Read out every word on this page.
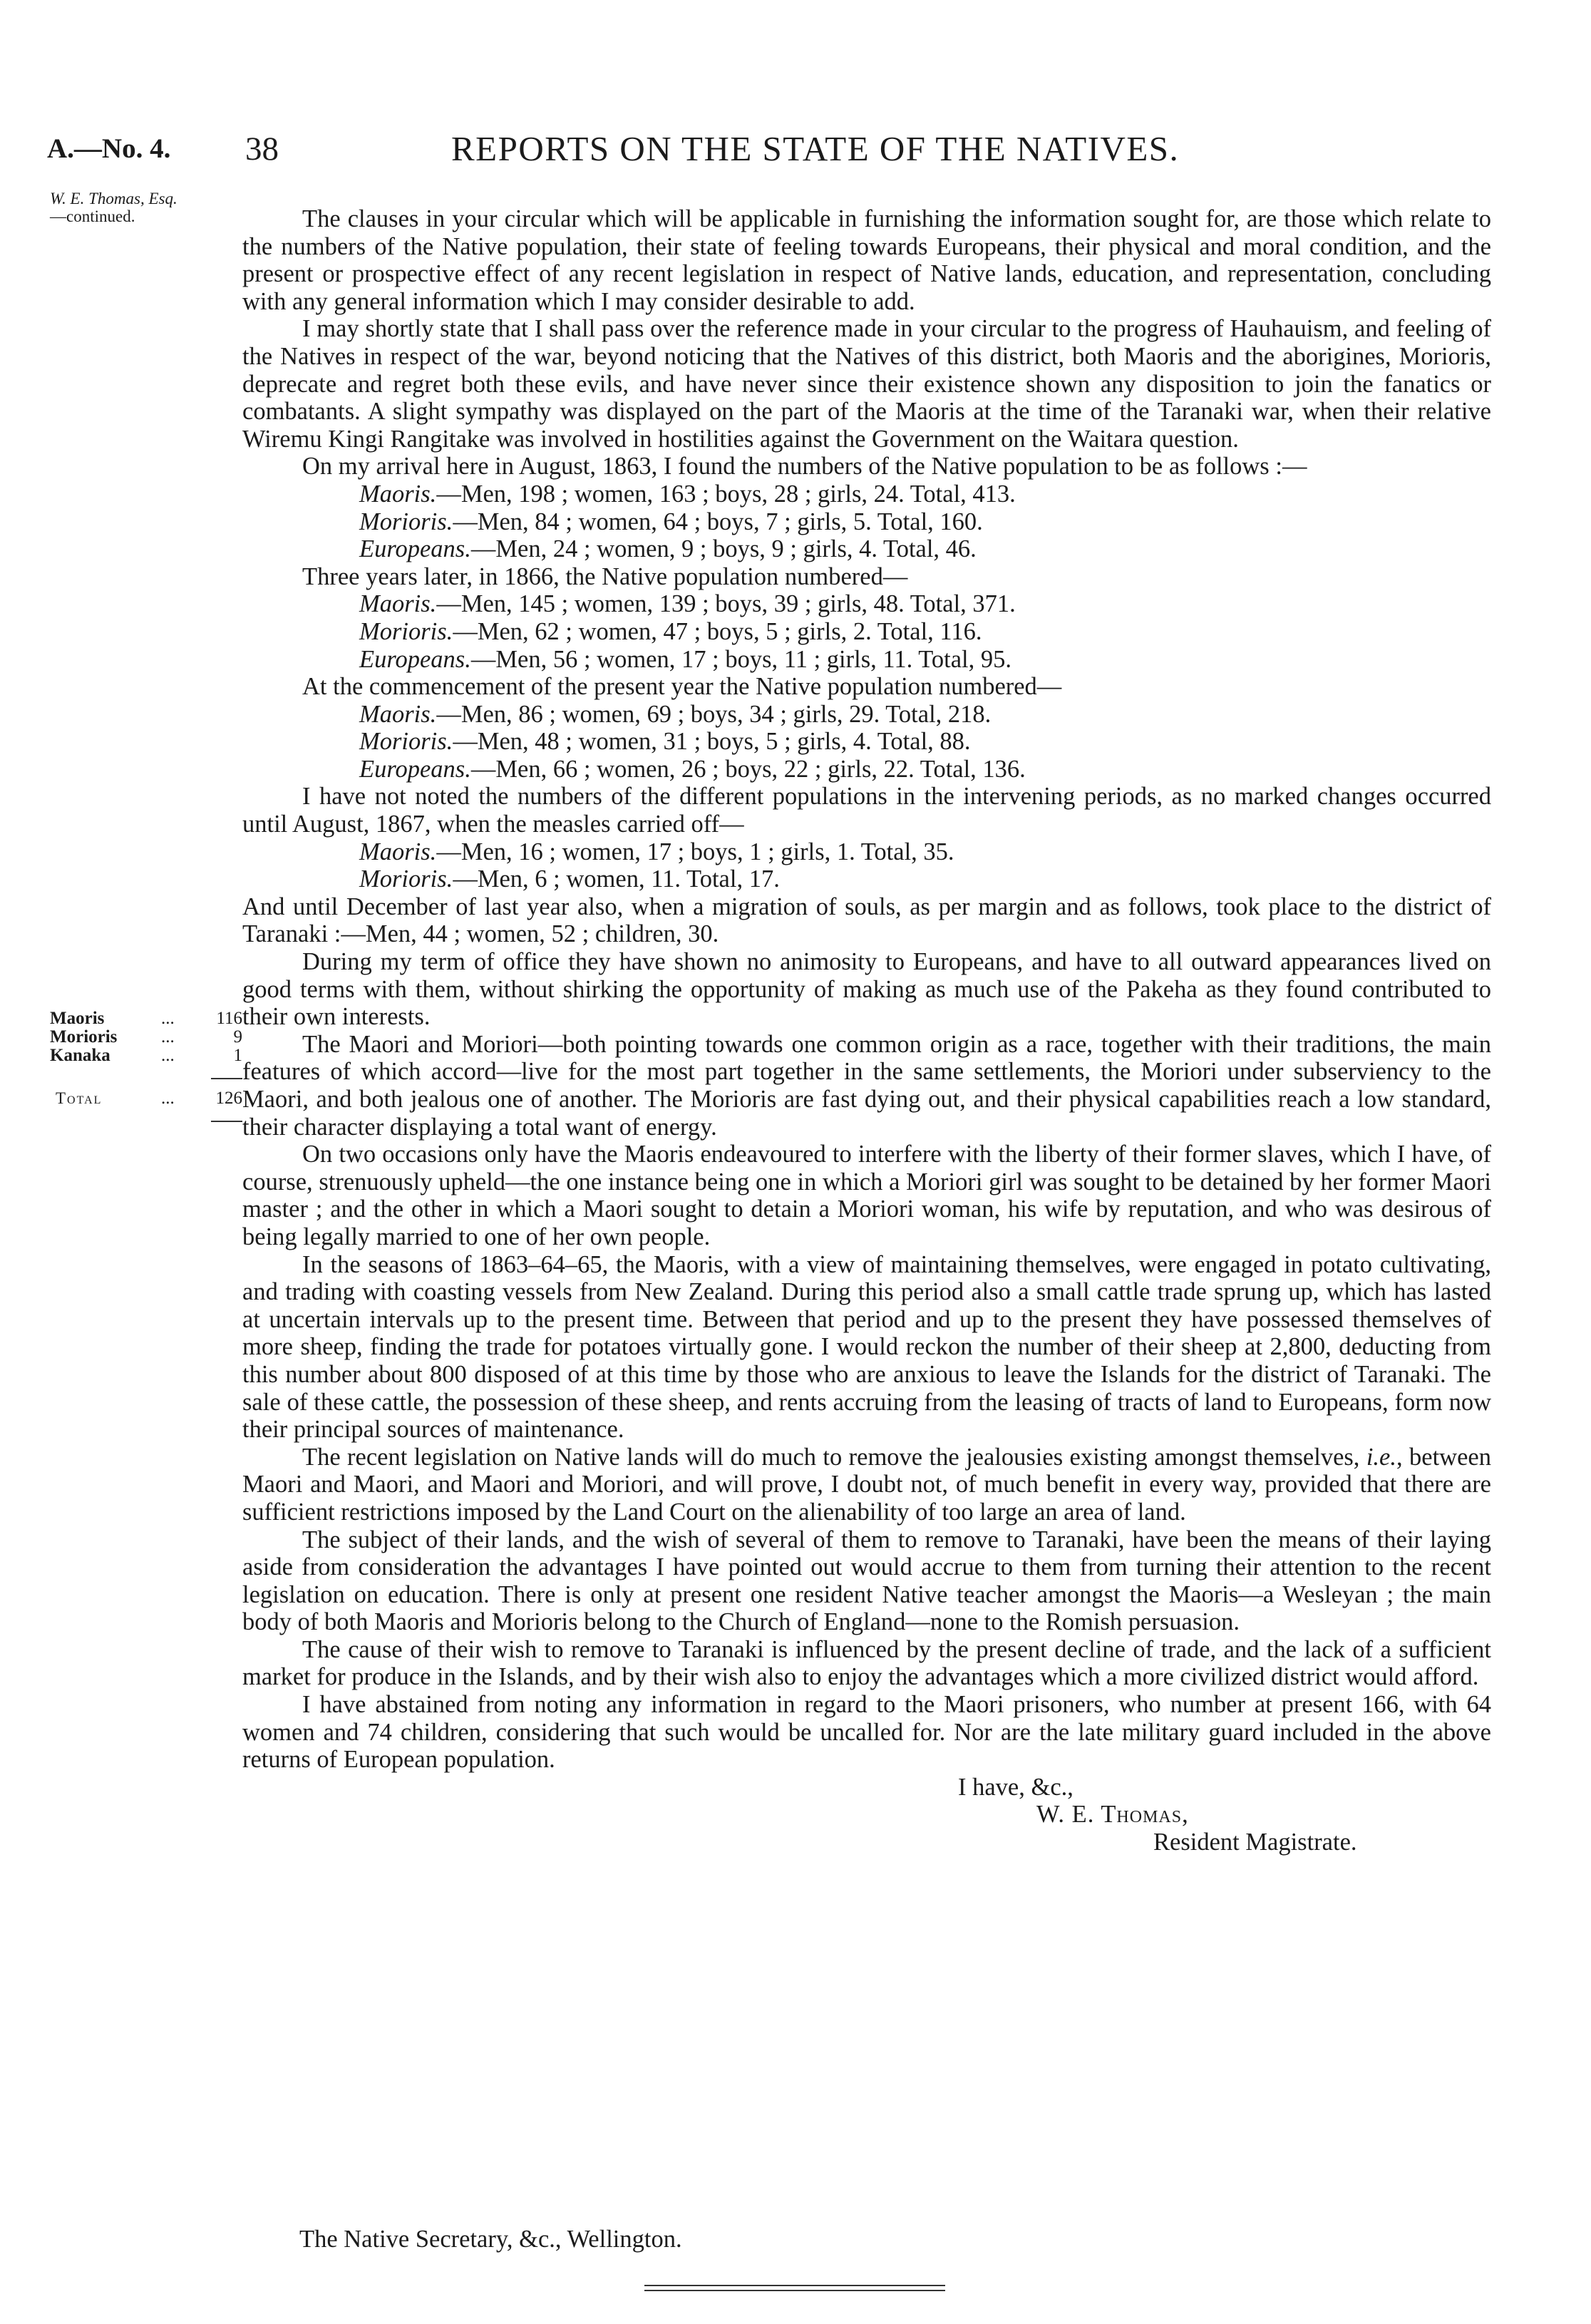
A.—No. 4. 38	REPORTS ON THE STATE OF THE NATIVES.
W. E. Thomas, Esq.
—continued.
Maoris	... 116
Morioris ...	9
Kanaka	...	1
Total	... 126

The clauses in your circular which will be applicable in furnishing the information sought for, are those which relate to the numbers of the Native population, their state of feeling towards Europeans, their physical and moral condition, and the present or prospective effect of any recent legislation in respect of Native lands, education, and representation, concluding with any general information which I may consider desirable to add.

I may shortly state that I shall pass over the reference made in your circular to the progress of Hauhauism, and feeling of the Natives in respect of the war, beyond noticing that the Natives of this district, both Maoris and the aborigines, Morioris, deprecate and regret both these evils, and have never since their existence shown any disposition to join the fanatics or combatants. A slight sympathy was displayed on the part of the Maoris at the time of the Taranaki war, when their relative Wiremu Kingi Rangitake was involved in hostilities against the Government on the Waitara question.

On my arrival here in August, 1863, I found the numbers of the Native population to be as follows :—

Maoris.—Men, 198 ; women, 163 ; boys, 28 ; girls, 24. Total, 413.
Morioris.—Men, 84 ; women, 64 ; boys, 7 ; girls, 5. Total, 160.
Europeans.—Men, 24 ; women, 9 ; boys, 9 ; girls, 4. Total, 46.

Three years later, in 1866, the Native population numbered—

Maoris.—Men, 145 ; women, 139 ; boys, 39 ; girls, 48. Total, 371.
Morioris.—Men, 62 ; women, 47 ; boys, 5 ; girls, 2. Total, 116.
Europeans.—Men, 56 ; women, 17 ; boys, 11 ; girls, 11. Total, 95.

At the commencement of the present year the Native population numbered—

Maoris.—Men, 86 ; women, 69 ; boys, 34 ; girls, 29. Total, 218.
Morioris.—Men, 48 ; women, 31 ; boys, 5 ; girls, 4. Total, 88.
Europeans.—Men, 66 ; women, 26 ; boys, 22 ; girls, 22. Total, 136.

I have not noted the numbers of the different populations in the intervening periods, as no marked changes occurred until August, 1867, when the measles carried off—

Maoris.—Men, 16 ; women, 17 ; boys, 1 ; girls, 1. Total, 35.
Morioris.—Men, 6 ; women, 11. Total, 17.

And until December of last year also, when a migration of souls, as per margin and as follows, took place to the district of Taranaki :—Men, 44 ; women, 52 ; children, 30.

During my term of office they have shown no animosity to Europeans, and have to all outward appearances lived on good terms with them, without shirking the opportunity of making as much use of the Pakeha as they found contributed to their own interests.

The Maori and Moriori—both pointing towards one common origin as a race, together with their traditions, the main features of which accord—live for the most part together in the same settlements, the Moriori under subserviency to the Maori, and both jealous one of another. The Morioris are fast dying out, and their physical capabilities reach a low standard, their character displaying a total want of energy.

On two occasions only have the Maoris endeavoured to interfere with the liberty of their former slaves, which I have, of course, strenuously upheld—the one instance being one in which a Moriori girl was sought to be detained by her former Maori master ; and the other in which a Maori sought to detain a Moriori woman, his wife by reputation, and who was desirous of being legally married to one of her own people.

In the seasons of 1863–64–65, the Maoris, with a view of maintaining themselves, were engaged in potato cultivating, and trading with coasting vessels from New Zealand. During this period also a small cattle trade sprung up, which has lasted at uncertain intervals up to the present time. Between that period and up to the present they have possessed themselves of more sheep, finding the trade for potatoes virtually gone. I would reckon the number of their sheep at 2,800, deducting from this number about 800 disposed of at this time by those who are anxious to leave the Islands for the district of Taranaki. The sale of these cattle, the possession of these sheep, and rents accruing from the leasing of tracts of land to Europeans, form now their principal sources of maintenance.

The recent legislation on Native lands will do much to remove the jealousies existing amongst themselves, i.e., between Maori and Maori, and Maori and Moriori, and will prove, I doubt not, of much benefit in every way, provided that there are sufficient restrictions imposed by the Land Court on the alienability of too large an area of land.

The subject of their lands, and the wish of several of them to remove to Taranaki, have been the means of their laying aside from consideration the advantages I have pointed out would accrue to them from turning their attention to the recent legislation on education. There is only at present one resident Native teacher amongst the Maoris—a Wesleyan ; the main body of both Maoris and Morioris belong to the Church of England—none to the Romish persuasion.

The cause of their wish to remove to Taranaki is influenced by the present decline of trade, and the lack of a sufficient market for produce in the Islands, and by their wish also to enjoy the advantages which a more civilized district would afford.

I have abstained from noting any information in regard to the Maori prisoners, who number at present 166, with 64 women and 74 children, considering that such would be uncalled for. Nor are the late military guard included in the above returns of European population.

I have, &c.,
W. E. Thomas,
Resident Magistrate.
The Native Secretary, &c., Wellington.
